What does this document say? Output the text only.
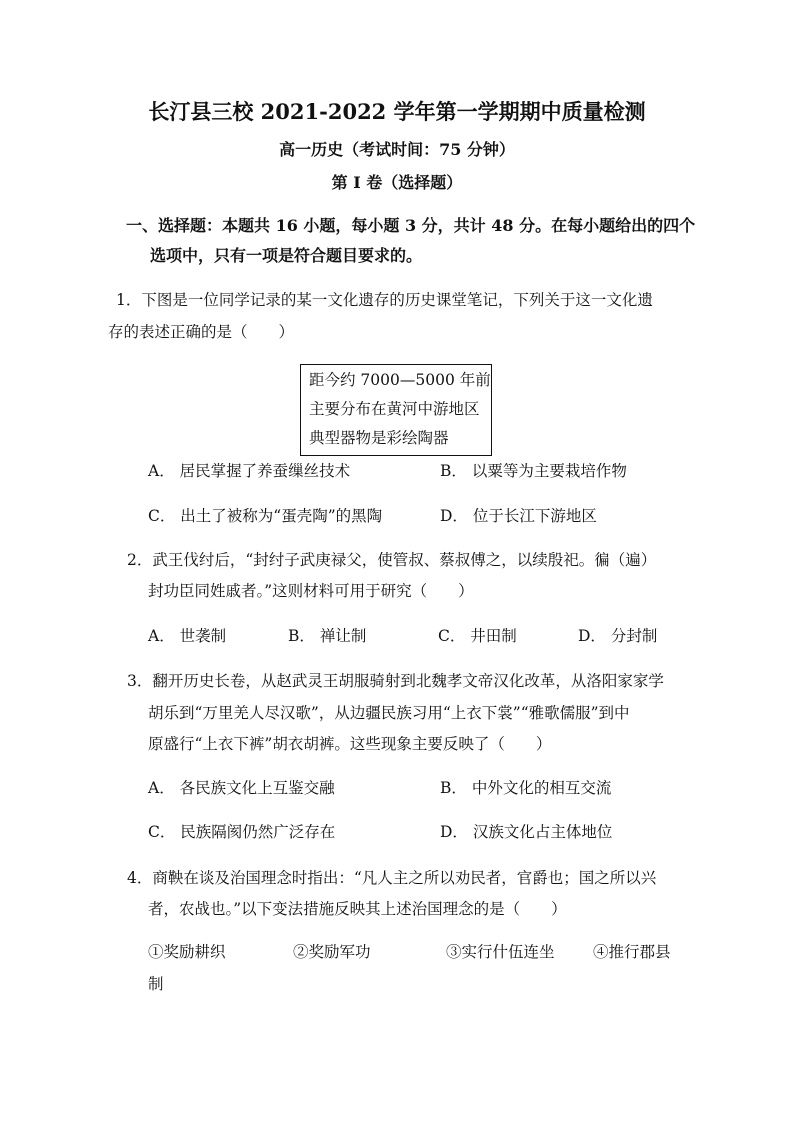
长汀县三校 2021-2022 学年第一学期期中质量检测
高一历史（考试时间：75 分钟）
第 I 卷（选择题）
一、选择题：本题共 16 小题，每小题 3 分，共计 48 分。在每小题给出的四个
选项中，只有一项是符合题目要求的。
1．下图是一位同学记录的某一文化遗存的历史课堂笔记，下列关于这一文化遗
存的表述正确的是（　　）
距今约 7000—5000 年前
主要分布在黄河中游地区
典型器物是彩绘陶器
A． 居民掌握了养蚕缫丝技术	B． 以粟等为主要栽培作物
C． 出土了被称为“蛋壳陶”的黑陶	D． 位于长江下游地区
2．武王伐纣后，“封纣子武庚禄父，使管叔、蔡叔傅之，以续殷祀。徧（遍）
封功臣同姓戚者。”这则材料可用于研究（　　）
A． 世袭制	B． 禅让制	C． 井田制	D． 分封制
3．翻开历史长卷，从赵武灵王胡服骑射到北魏孝文帝汉化改革，从洛阳家家学
胡乐到“万里羌人尽汉歌”，从边疆民族习用“上衣下裳”“雅歌儒服”到中
原盛行“上衣下裤”胡衣胡裤。这些现象主要反映了（　　）
A． 各民族文化上互鉴交融	B． 中外文化的相互交流
C． 民族隔阂仍然广泛存在	D． 汉族文化占主体地位
4．商鞅在谈及治国理念时指出：“凡人主之所以劝民者，官爵也；国之所以兴
者，农战也。”以下变法措施反映其上述治国理念的是（　　）
①奖励耕织	②奖励军功	③实行什伍连坐 ④推行郡县
制
